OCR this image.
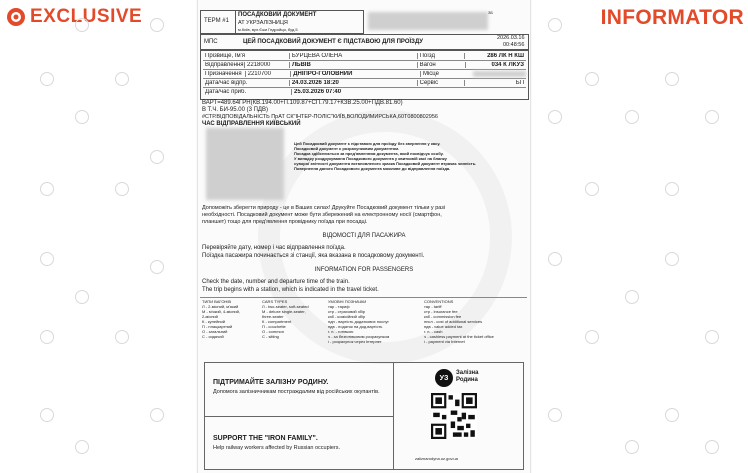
EXCLUSIVE	INFORMATOR
ТЕРМ #1
ПОСАДКОВИЙ ДОКУМЕНТ
АТ УКРЗАЛІЗНИЦЯ
м.Київ, вул.Єжи Гедройця, буд.5
ЗБ
МПС	ЦЕЙ ПОСАДКОВИЙ ДОКУМЕНТ Є ПІДСТАВОЮ ДЛЯ ПРОЇЗДУ
2026.03.16
00:48:56
Прізвище, Ім'я	БУРЦЕВА ОЛЕНА	Поїзд	286 ЛК Н КШ
Відправлення 2218000	ЛЬВІВ	Вагон	034 К ЛКУЗ
Призначення	2210700	ДНІПРО-ГОЛОВНИЙ	Місце
Дата/час відпр.	24.03.2026 18:20	Сервіс	БП
Дата/час приб.	25.03.2026 07:40
ВАРТ=489.64ГРН(КВ.194.00+П.109.87+СП.79.17+КЗВ.25.00+ПДВ.81.60)
В Т.Ч. БИ-95.00 (3 ПДВ)
#СТР.ВІДПОВІДАЛЬНІСТЬ ПрАТ СК"ІНТЕР-ПОЛІС"КИЇВ,ВОЛОДИМИРСЬКА,60Т0800802956
ЧАС ВІДПРАВЛЕННЯ КИЇВСЬКИЙ
Цей Посадковий документ є підставою для проїзду без звернення у касу.
Посадковий документ є розрахунковим документом.
Посадка здійснюється за пред'явленням документа, який посвідчує особу.
У випадку роздрукування Посадкового документа у квитковій касі на бланку
суворої звітності документа встановленого зразка Посадковий документ втрачає чинність.
Повернення даного Посадкового документа можливе до відправлення поїзда.
Допоможіть зберегти природу - це в Ваших силах! Друкуйте Посадковий документ тільки у разі
необхідності. Посадковий документ може бути збережений на електронному носії (смартфон,
планшет) тощо для пред'явлення провіднику поїзда при посадці.
ВІДОМОСТІ ДЛЯ ПАСАЖИРА
Перевіряйте дату, номер і час відправлення поїзда.
Поїздка пасажира починається зі станції, яка вказана в посадковому документі.
INFORMATION FOR PASSENGERS
Check the date, number and departure time of the train.
The trip begins with a station, which is indicated in the travel ticket.
ТИПИ ВАГОНІВ
Л - 2-місний, м'який
М - м'який, 4-місний,
2-місний
К - купейний
П - плацкартний
О - загальний
С - сидячий
CARS TYPES
Л - two-seater, soft-seated
М - deluxe single-seater,
three-seater
К - compartment
П - couchette
О - common
С - sitting
УМОВНІ ПОЗНАЧКИ
тар - тариф
стр - страховий збір
кзб - комісійний збір
ндп - вартість додаткових послуг
пдв - податок на дод.вартість
г. п. - готівкою
ч - за безготівковим розрахунком
і - розрахунок через Інтернет
CONVENTIONS
тар - tariff
стр - insurance fee
кзб - commission fee
нпсл - cost of additional services
пдв - value added tax
г. п. - cash
ч - cashless payment at the ticket office
і - payment via Internet
ПІДТРИМАЙТЕ ЗАЛІЗНУ РОДИНУ.
Допомога залізничникам постраждалим від російських окупантів.
SUPPORT THE "IRON FAMILY".
Help railway workers affected by Russian occupiers.
УЗ
Залізна Родина
zaliznarodyna.uz.gov.ua
